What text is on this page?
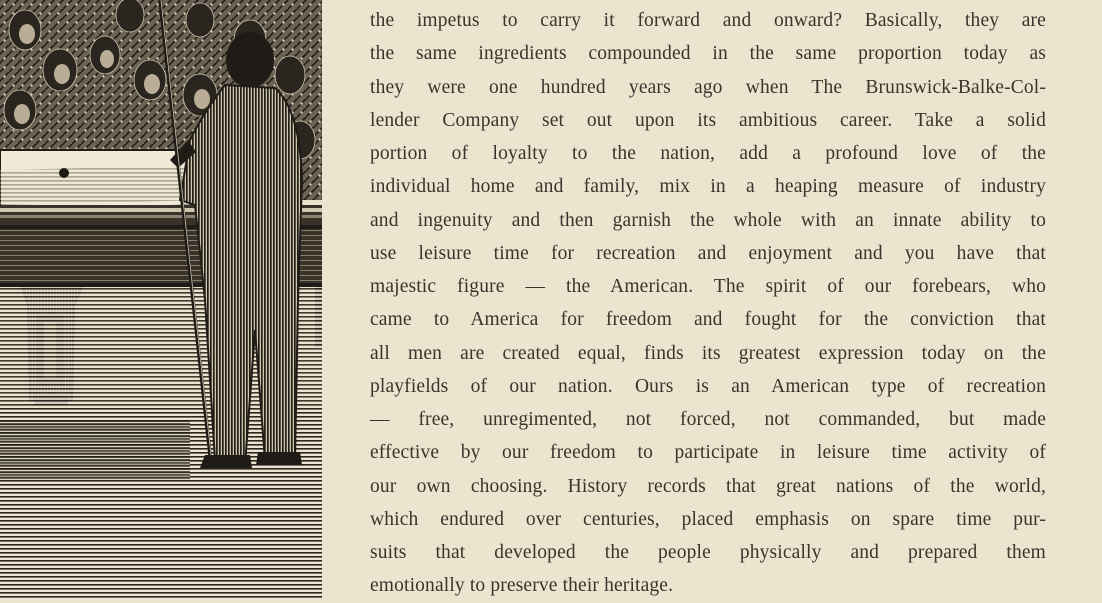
the impetus to carry it forward and onward? Basically, they are
the same ingredients compounded in the same proportion today as
they were one hundred years ago when The Brunswick-Balke-Col-
lender Company set out upon its ambitious career. Take a solid
portion of loyalty to the nation, add a profound love of the
individual home and family, mix in a heaping measure of industry
and ingenuity and then garnish the whole with an innate ability to
use leisure time for recreation and enjoyment and you have that
majestic figure — the American. The spirit of our forebears, who
came to America for freedom and fought for the conviction that
all men are created equal, finds its greatest expression today on the
playfields of our nation. Ours is an American type of recreation
— free, unregimented, not forced, not commanded, but made
effective by our freedom to participate in leisure time activity of
our own choosing. History records that great nations of the world,
which endured over centuries, placed emphasis on spare time pur-
suits that developed the people physically and prepared them
emotionally to preserve their heritage.
